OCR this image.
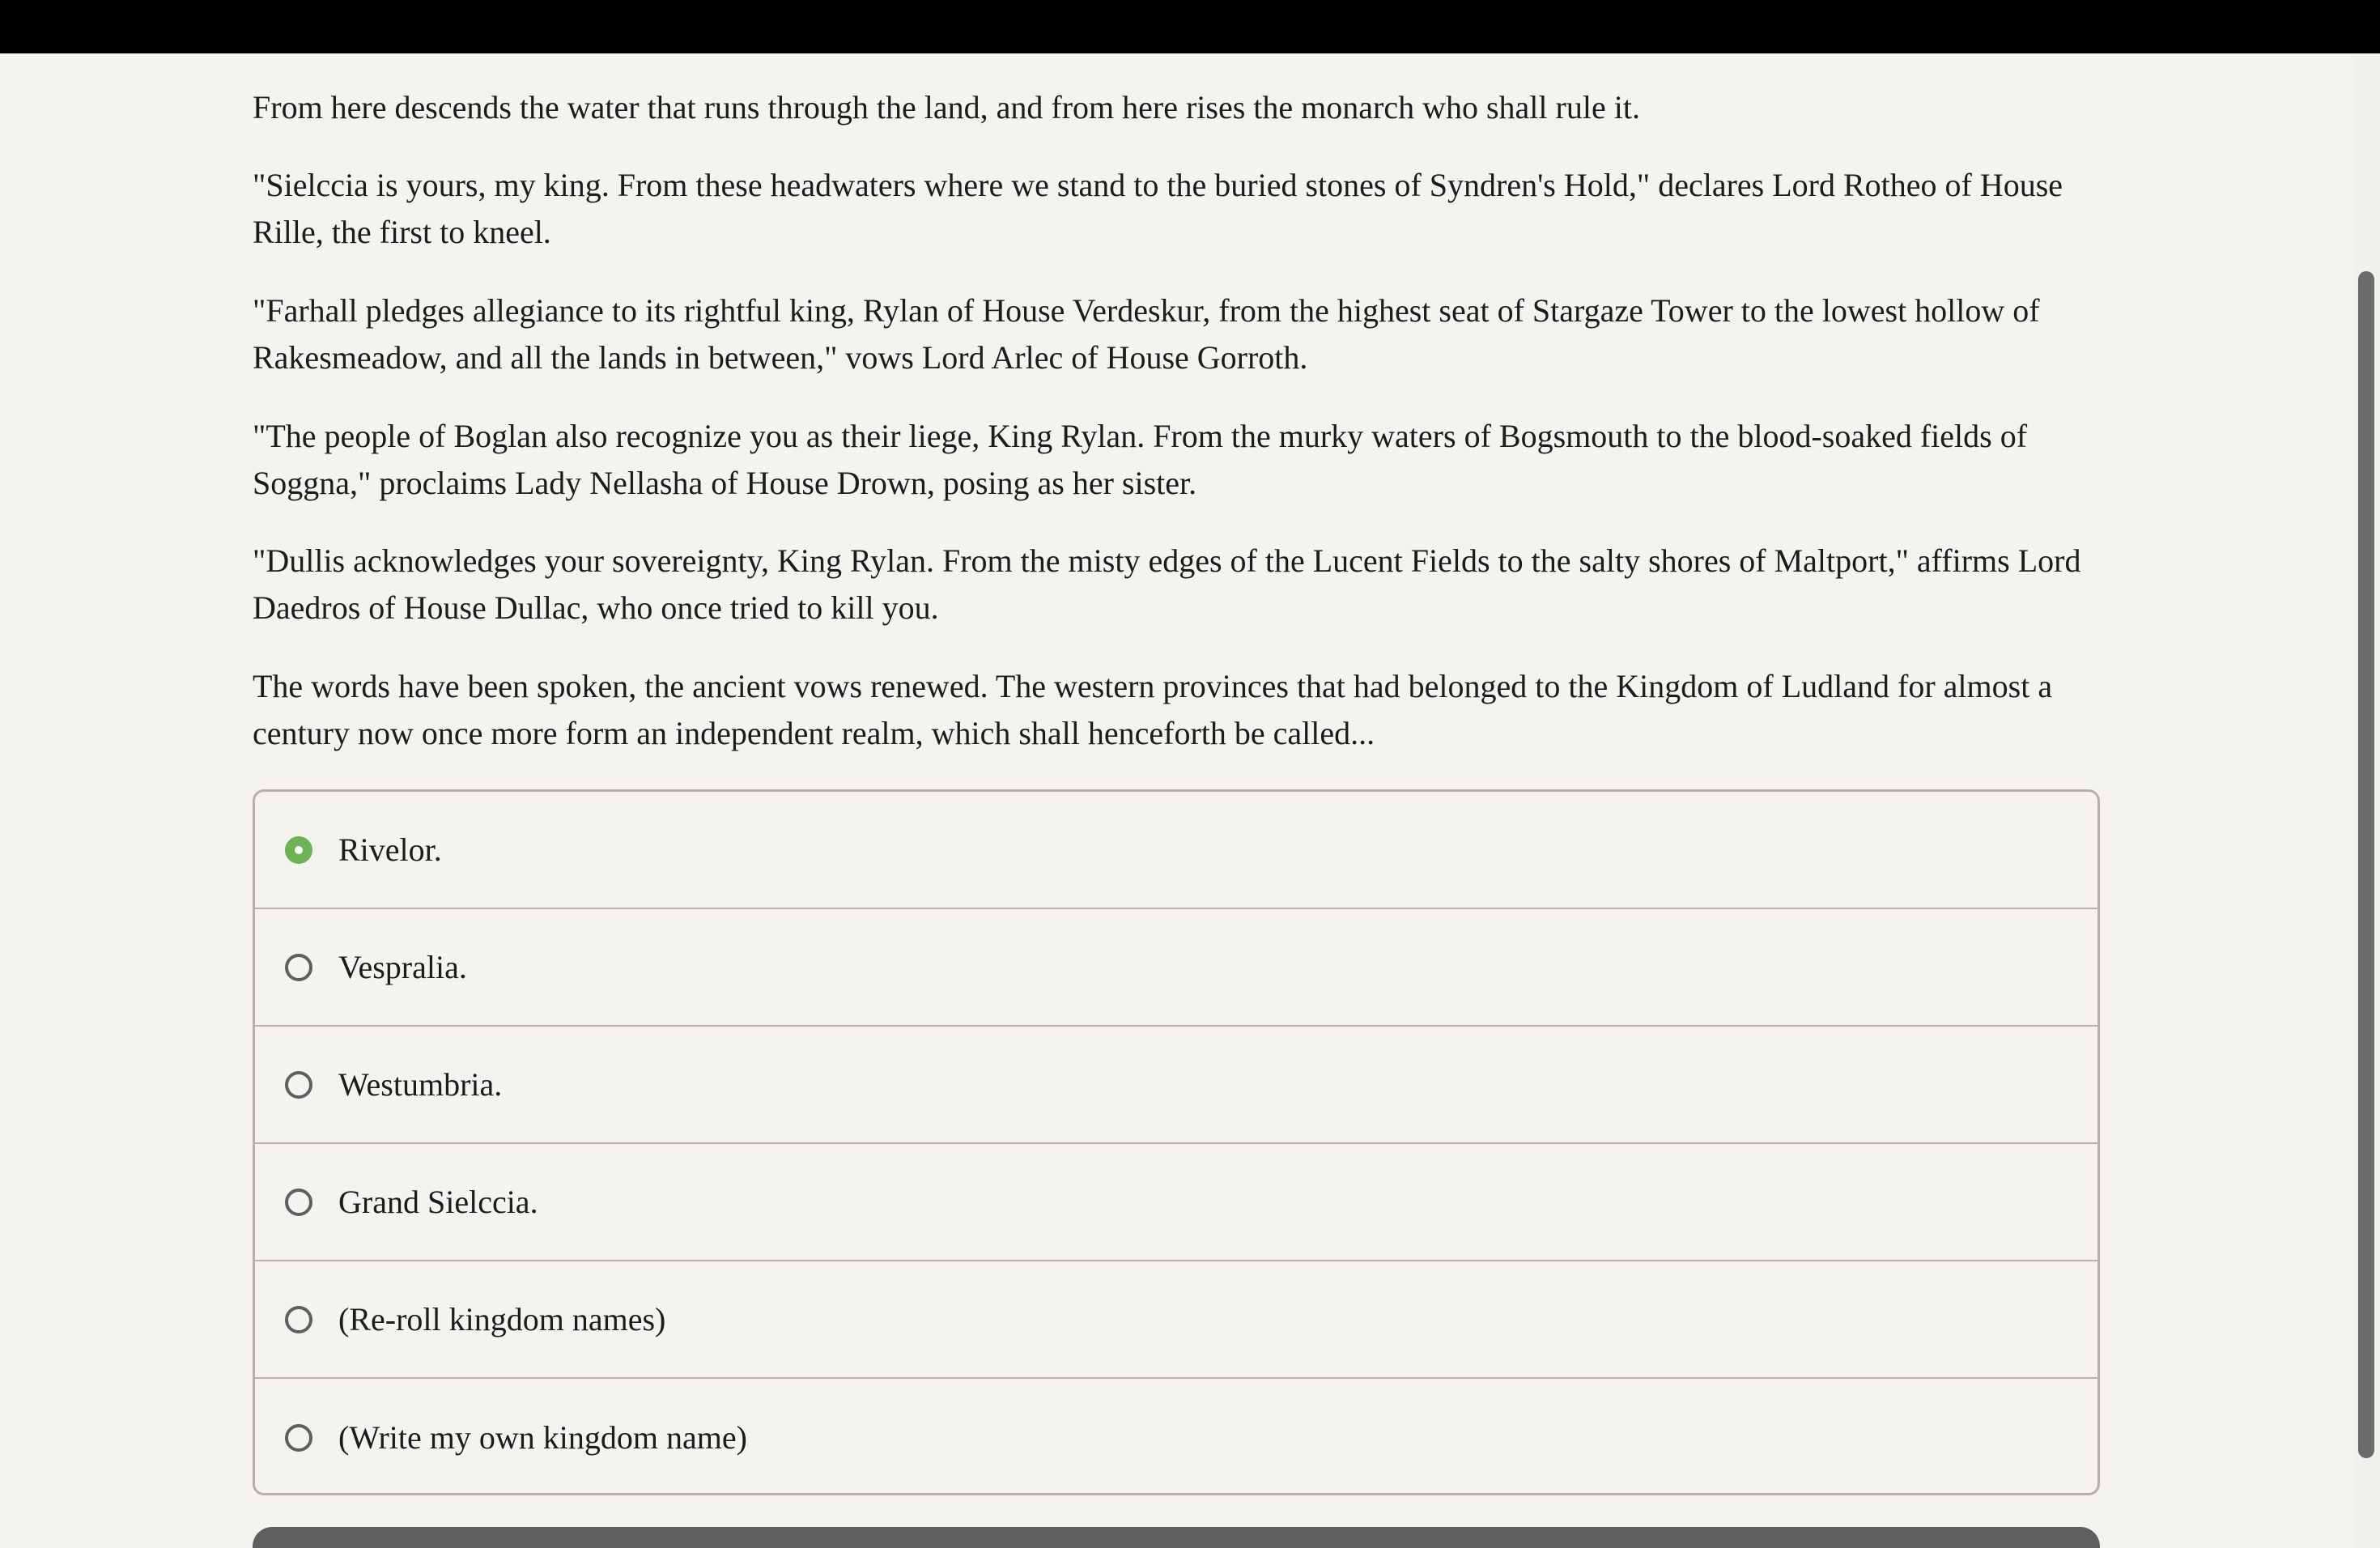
From here descends the water that runs through the land, and from here rises the monarch who shall rule it.

"Sielccia is yours, my king. From these headwaters where we stand to the buried stones of Syndren's Hold," declares Lord Rotheo of House Rille, the first to kneel.

"Farhall pledges allegiance to its rightful king, Rylan of House Verdeskur, from the highest seat of Stargaze Tower to the lowest hollow of Rakesmeadow, and all the lands in between," vows Lord Arlec of House Gorroth.

"The people of Boglan also recognize you as their liege, King Rylan. From the murky waters of Bogsmouth to the blood-soaked fields of Soggna," proclaims Lady Nellasha of House Drown, posing as her sister.

"Dullis acknowledges your sovereignty, King Rylan. From the misty edges of the Lucent Fields to the salty shores of Maltport," affirms Lord Daedros of House Dullac, who once tried to kill you.

The words have been spoken, the ancient vows renewed. The western provinces that had belonged to the Kingdom of Ludland for almost a century now once more form an independent realm, which shall henceforth be called...

Rivelor.
Vespralia.
Westumbria.
Grand Sielccia.
(Re-roll kingdom names)
(Write my own kingdom name)
